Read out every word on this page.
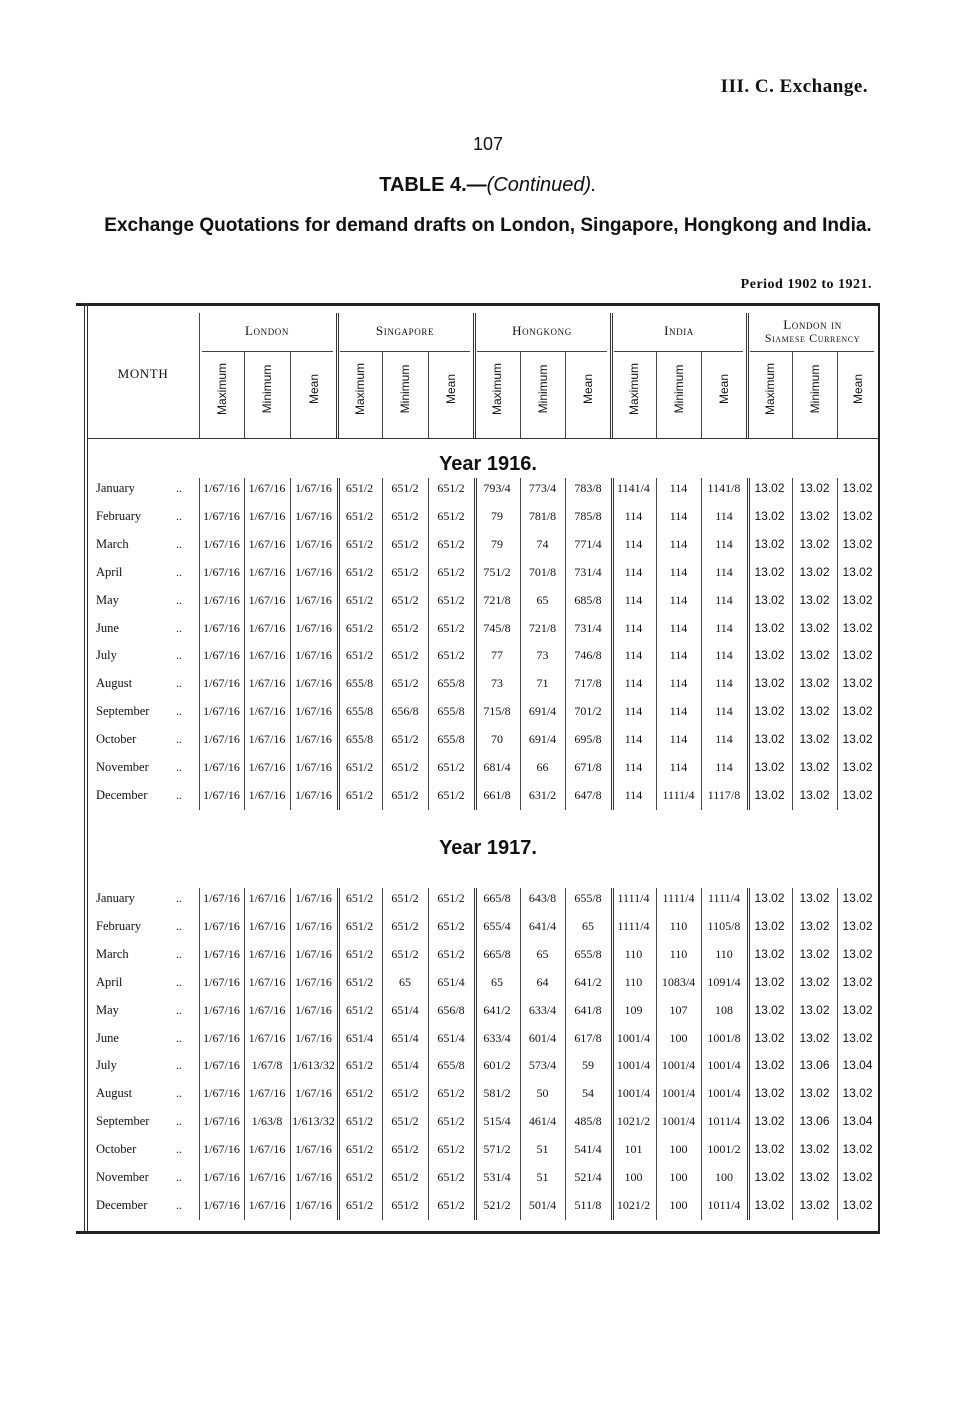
III. C. Exchange.
107
TABLE 4.—(Continued).
Exchange Quotations for demand drafts on London, Singapore, Hongkong and India.
Period 1902 to 1921.
MONTH
London	Singapore	Hongkong	India	London in
Siamese Currency
Maximum	Minimum	Mean	Maximum	Minimum	Mean	Maximum	Minimum	Mean	Maximum	Minimum	Mean	Maximum	Minimum Mean
Year 1916.
January	.. 1/67/16 1/67/16 1/67/16	651/2	651/2	651/2	793/4	773/4	783/8	1141/4	114	1141/8	13.02	13.02	13.02
February	.. 1/67/16 1/67/16 1/67/16	651/2	651/2	651/2	79	781/8	785/8	114	114	114	13.02	13.02	13.02
March	.. 1/67/16 1/67/16 1/67/16	651/2	651/2	651/2	79	74	771/4	114	114	114	13.02	13.02	13.02
April	.. 1/67/16 1/67/16 1/67/16	651/2	651/2	651/2	751/2	701/8	731/4	114	114	114	13.02	13.02	13.02
May	.. 1/67/16 1/67/16 1/67/16	651/2	651/2	651/2	721/8	65	685/8	114	114	114	13.02	13.02	13.02
June	.. 1/67/16 1/67/16 1/67/16	651/2	651/2	651/2	745/8	721/8	731/4	114	114	114	13.02	13.02	13.02
July	.. 1/67/16 1/67/16 1/67/16	651/2	651/2	651/2	77	73	746/8	114	114	114	13.02	13.02	13.02
August	.. 1/67/16 1/67/16 1/67/16	655/8	651/2	655/8	73	71	717/8	114	114	114	13.02	13.02	13.02
September	.. 1/67/16 1/67/16 1/67/16	655/8	656/8	655/8	715/8	691/4	701/2	114	114	114	13.02	13.02	13.02
October	.. 1/67/16 1/67/16 1/67/16	655/8	651/2	655/8	70	691/4	695/8	114	114	114	13.02	13.02	13.02
November	.. 1/67/16 1/67/16 1/67/16	651/2	651/2	651/2	681/4	66	671/8	114	114	114	13.02	13.02	13.02
December	.. 1/67/16 1/67/16 1/67/16	651/2	651/2	651/2	661/8	631/2	647/8	114	1111/4	1117/8	13.02	13.02	13.02
Year 1917.
January	.. 1/67/16 1/67/16 1/67/16	651/2	651/2	651/2	665/8	643/8	655/8	1111/4	1111/4	1111/4	13.02	13.02	13.02
February	.. 1/67/16 1/67/16 1/67/16	651/2	651/2	651/2	655/4	641/4	65	1111/4	110	1105/8	13.02	13.02	13.02
March	.. 1/67/16 1/67/16 1/67/16	651/2	651/2	651/2	665/8	65	655/8	110	110	110	13.02	13.02	13.02
April	.. 1/67/16 1/67/16 1/67/16	651/2	65	651/4	65	64	641/2	110	1083/4	1091/4	13.02	13.02	13.02
May	.. 1/67/16 1/67/16 1/67/16	651/2	651/4	656/8	641/2	633/4	641/8	109	107	108	13.02	13.02	13.02
June	.. 1/67/16 1/67/16 1/67/16	651/4	651/4	651/4	633/4	601/4	617/8	1001/4	100	1001/8	13.02	13.02	13.02
July	.. 1/67/16 1/67/8 1/613/32 651/2	651/4	655/8	601/2	573/4	59	1001/4 1001/4	1001/4	13.02	13.06	13.04
August	.. 1/67/16 1/67/16 1/67/16	651/2	651/2	651/2	581/2	50	54	1001/4 1001/4	1001/4	13.02	13.02	13.02
September	.. 1/67/16 1/63/8 1/613/32 651/2	651/2	651/2	515/4	461/4	485/8	1021/2 1001/4	1011/4	13.02	13.06	13.04
October	.. 1/67/16 1/67/16 1/67/16	651/2	651/2	651/2	571/2	51	541/4	101	100	1001/2	13.02	13.02	13.02
November	.. 1/67/16 1/67/16 1/67/16	651/2	651/2	651/2	531/4	51	521/4	100	100	100	13.02	13.02	13.02
December	.. 1/67/16 1/67/16 1/67/16	651/2	651/2	651/2	521/2	501/4	511/8	1021/2	100	1011/4	13.02	13.02	13.02
